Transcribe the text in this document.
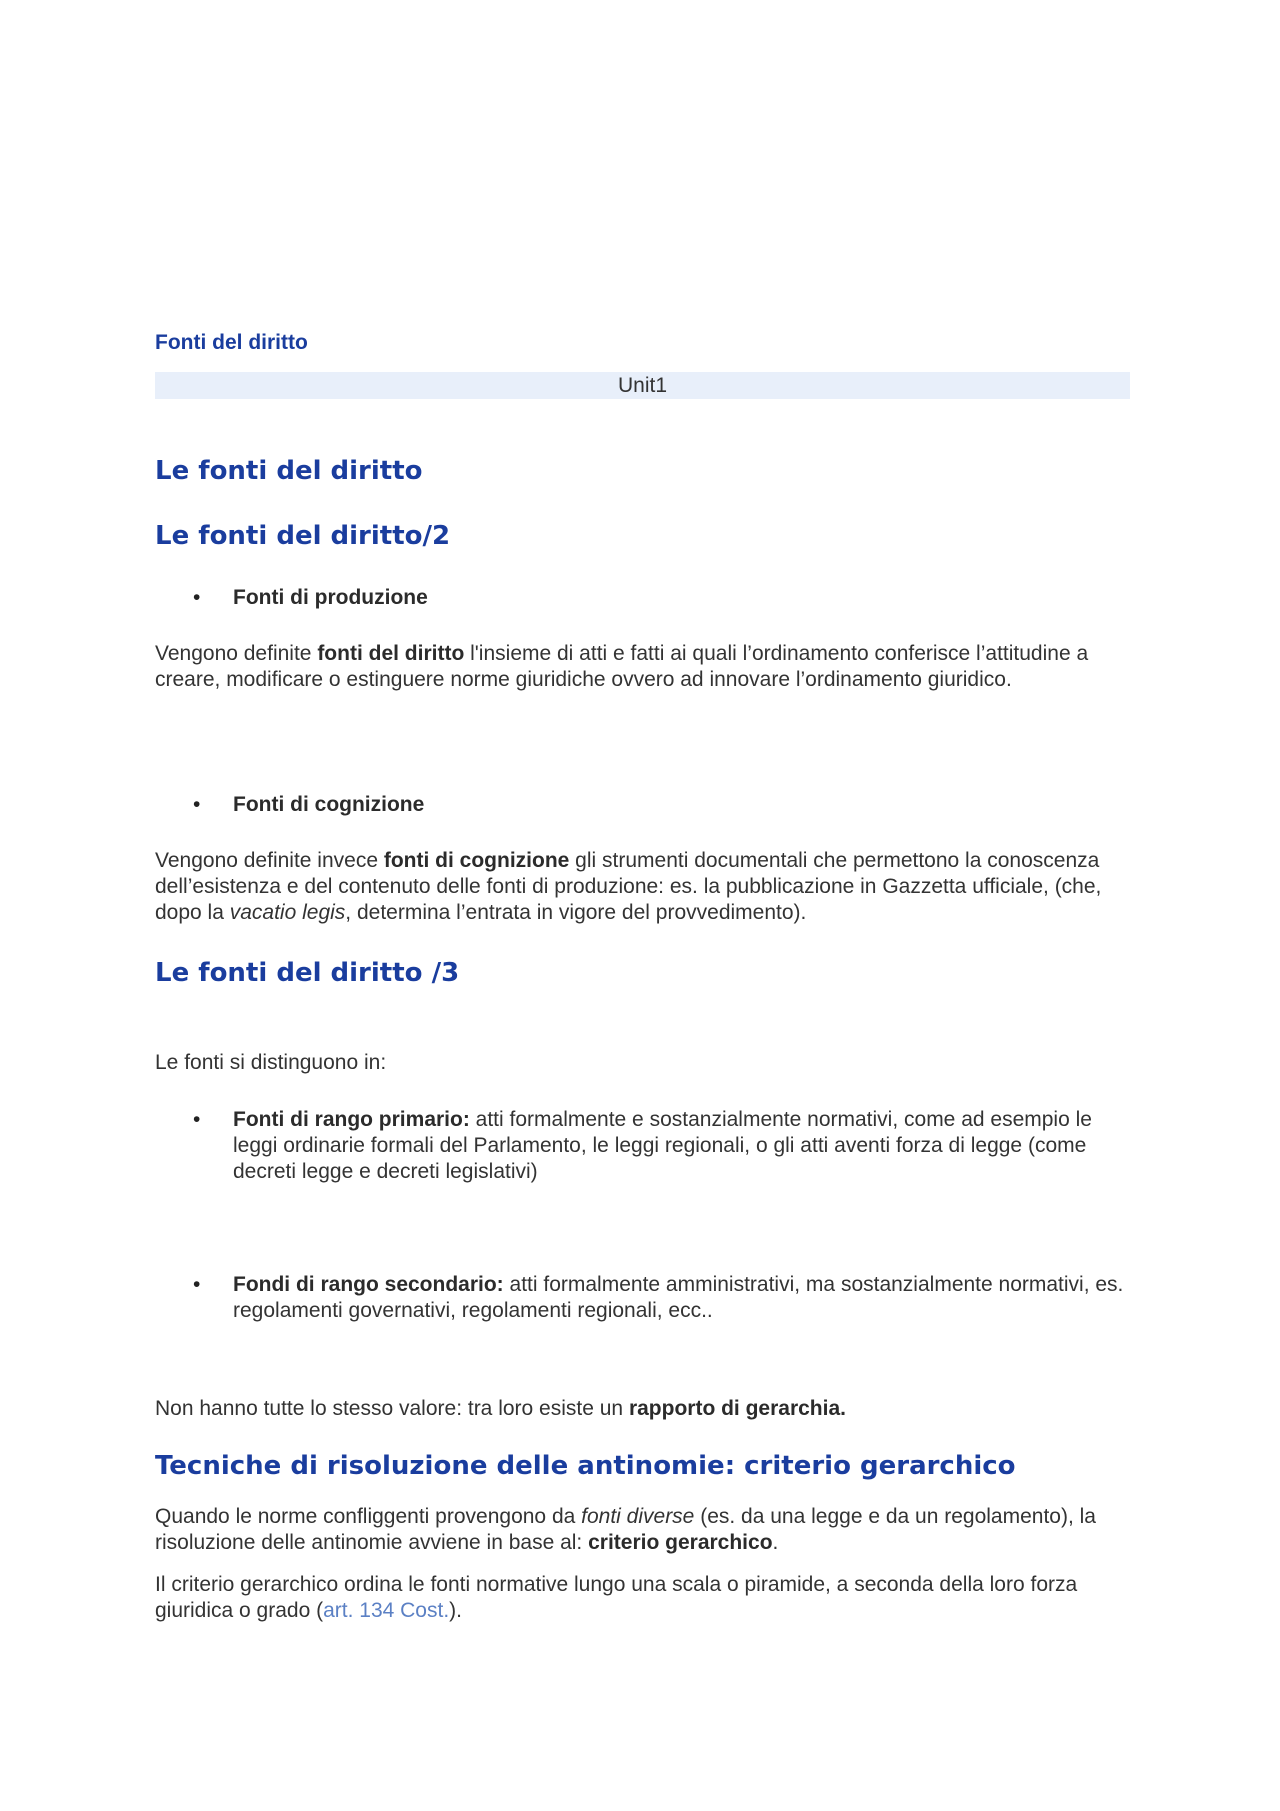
Fonti del diritto
Unit1
Le fonti del diritto
Le fonti del diritto/2
• Fonti di produzione
Vengono definite fonti del diritto l'insieme di atti e fatti ai quali l’ordinamento conferisce l’attitudine a creare, modificare o estinguere norme giuridiche ovvero ad innovare l’ordinamento giuridico.
• Fonti di cognizione
Vengono definite invece fonti di cognizione gli strumenti documentali che permettono la conoscenza dell’esistenza e del contenuto delle fonti di produzione: es. la pubblicazione in Gazzetta ufficiale, (che, dopo la vacatio legis, determina l’entrata in vigore del provvedimento).
Le fonti del diritto /3
Le fonti si distinguono in:
• Fonti di rango primario: atti formalmente e sostanzialmente normativi, come ad esempio le leggi ordinarie formali del Parlamento, le leggi regionali, o gli atti aventi forza di legge (come decreti legge e decreti legislativi)
• Fondi di rango secondario: atti formalmente amministrativi, ma sostanzialmente normativi, es. regolamenti governativi, regolamenti regionali, ecc..
Non hanno tutte lo stesso valore: tra loro esiste un rapporto di gerarchia.
Tecniche di risoluzione delle antinomie: criterio gerarchico
Quando le norme confliggenti provengono da fonti diverse (es. da una legge e da un regolamento), la risoluzione delle antinomie avviene in base al: criterio gerarchico.
Il criterio gerarchico ordina le fonti normative lungo una scala o piramide, a seconda della loro forza giuridica o grado (art. 134 Cost.).
